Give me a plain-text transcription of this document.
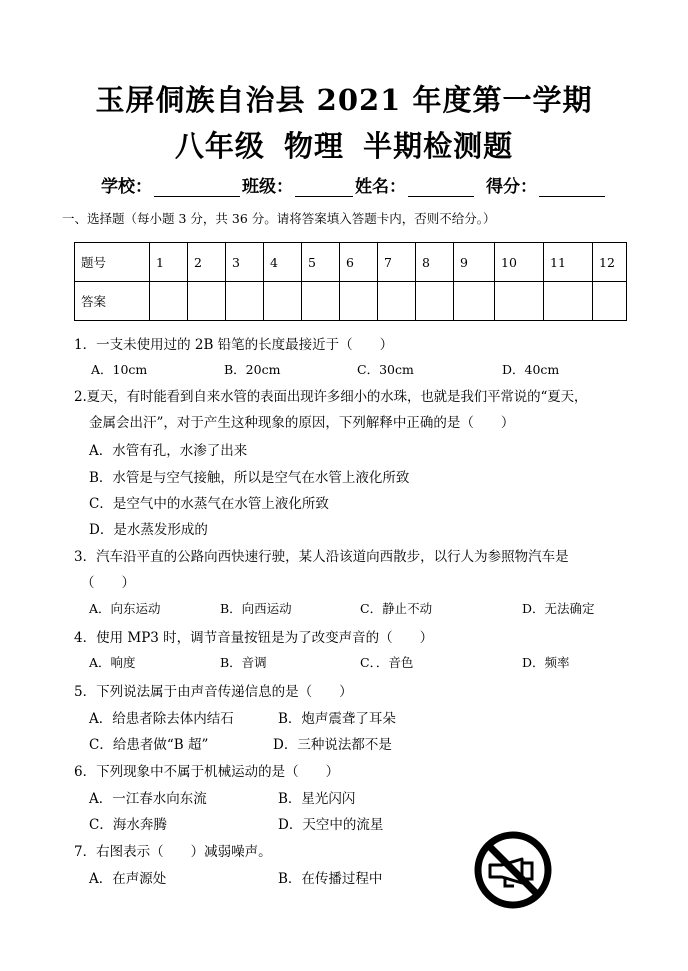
玉屏侗族自治县 2021 年度第一学期
八年级 物理 半期检测题
学校：	班级：	姓名：	得分：
一、选择题（每小题 3 分，共 36 分。请将答案填入答题卡内，否则不给分。）
题号	1	2	3	4	5	6	7	8	9	10	11	12
答案												
1．一支未使用过的 2B 铅笔的长度最接近于（　　）
A．10cm	B．20cm	C．30cm	D．40cm
2.夏天，有时能看到自来水管的表面出现许多细小的水珠，也就是我们平常说的“夏天，
金属会出汗”，对于产生这种现象的原因，下列解释中正确的是（　　）
A．水管有孔，水渗了出来
B．水管是与空气接触，所以是空气在水管上液化所致
C．是空气中的水蒸气在水管上液化所致
D．是水蒸发形成的
3．汽车沿平直的公路向西快速行驶，某人沿该道向西散步，以行人为参照物汽车是
（　　）
A．向东运动	B．向西运动	C．静止不动	D．无法确定
4．使用 MP3 时，调节音量按钮是为了改变声音的（　　）
A．响度	B．音调	C．．音色	D．频率
5．下列说法属于由声音传递信息的是（　　）
A．给患者除去体内结石	B．炮声震聋了耳朵
C．给患者做“B 超”	D．三种说法都不是
6．下列现象中不属于机械运动的是（　　）
A．一江春水向东流	B．星光闪闪
C．海水奔腾	D．天空中的流星
7．右图表示（　　）减弱噪声。
A．在声源处	B．在传播过程中
